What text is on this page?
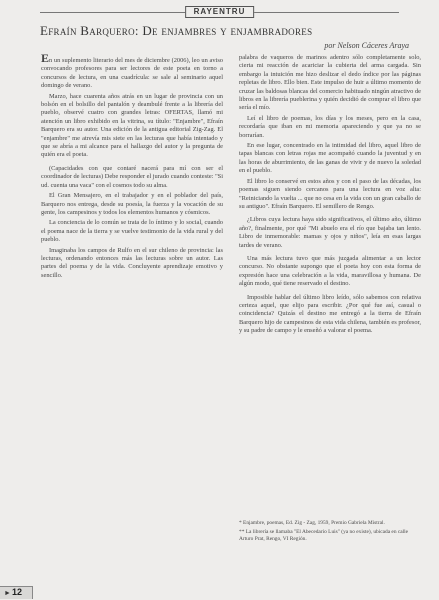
RAYENTRU
Efraín Barquero: De enjambres y enjambradores
por Nelson Cáceres Araya

En un suplemento literario del mes de diciembre (2006), leo un aviso convocando profesores para ser lectores de este poeta en torno a concursos de lectura, en una cuadrícula: se sale al seminario aquel domingo de verano.

Marzo, hace cuarenta años atrás en un lugar de provincia con un bolsón en el bolsillo del pantalón y deambulé frente a la librería del pueblo, observé cuatro con grandes letras: OFERTAS, llamó mi atención un libro exhibido en la vitrina, su título: "Enjambre", Efraín Barquero era su autor. Una edición de la antigua editorial Zig-Zag. El "enjambre" me atrevía mis siete en las lecturas que había intentado y que se abría a mi alcance para el hallazgo del autor y la pregunta de quién era el poeta.

(Capacidades con que contaré nacerá para mí con ser el coordinador de lecturas) Debe responder el jurado cuando conteste: "Si ud. cuenta una vaca" con el cosmos todo su alma.

El Gran Mensajero, en el trabajador y en el poblador del país, Barquero nos entrega, desde su poesía, la fuerza y la vocación de su gente, los campesinos y todos los elementos humanos y cósmicos.

La conciencia de lo común se trata de lo íntimo y lo social, cuando el poema nace de la tierra y se vuelve testimonio de la vida rural y del pueblo.

Imaginaba los campos de Rulfo en el sur chileno de provincia: las lecturas, ordenando entonces más las lecturas sobre un autor. Las partes del poema y de la vida. Concluyente aprendizaje emotivo y sencillo.

palabra de vaqueros de marinos adentro sólo completamente solo, cierta mi reacción de acariciar la cubierta del arma cargada. Sin embargo la intuición me hizo deslizar el dedo índice por las páginas repletas de libro. Ello bien. Este impulso de huir a último momento de cruzar las baldosas blancas del comercio habituado ningún atractivo de libros en la librería pueblerina y quién decidió de comprar el libro que sería el mío.

Leí el libro de poemas, los días y los meses, pero en la casa, recordaría que iban en mi memoria apareciendo y que ya no se borrarían.

En ese lugar, concentrado en la intimidad del libro, aquel libro de tapas blancas con letras rojas me acompañó cuando la juventud y en las horas de aburrimiento, de las ganas de vivir y de nuevo la soledad en el pueblo.

El libro lo conservé en estos años y con el paso de las décadas, los poemas siguen siendo cercanos para una lectura en voz alta: "Reiniciando la vuelta ... que no cesa en la vida con un gran caballo de su antiguo". Efraín Barquero. El semillero de Rengo.

¿Libros cuya lectura haya sido significativos, el último año, último año?, finalmente, por qué "Mi abuelo era el río que bajaba tan lento. Libro de inmemorable: mamas y ojos y niños", leía en esas largas tardes de verano.

Una más lectura tuvo que más juzgada alimentar a un lector concurso. No obstante supongo que el poeta hoy con esta forma de expresión hace una celebración a la vida, maravillosa y humana. De algún modo, qué tiene reservado el destino.

Imposible hablar del último libro leído, sólo sabemos con relativa certeza aquel, que elijo para escribir. ¿Por qué fue así, casual o coincidencia? Quizás el destino me entregó a la tierra de Efraín Barquero hijo de campesinos de esta vida chilena, también es profesor, y su padre de campo y le enseñó a valorar el poema.

* Enjambre, poemas, Ed. Zig - Zag, 1959, Premio Gabriela Mistral.

** La librería se llamaba "El Abecedario Luis" (ya no existe), ubicada en calle Arturo Prat, Rengo, VI Región.

► 12
